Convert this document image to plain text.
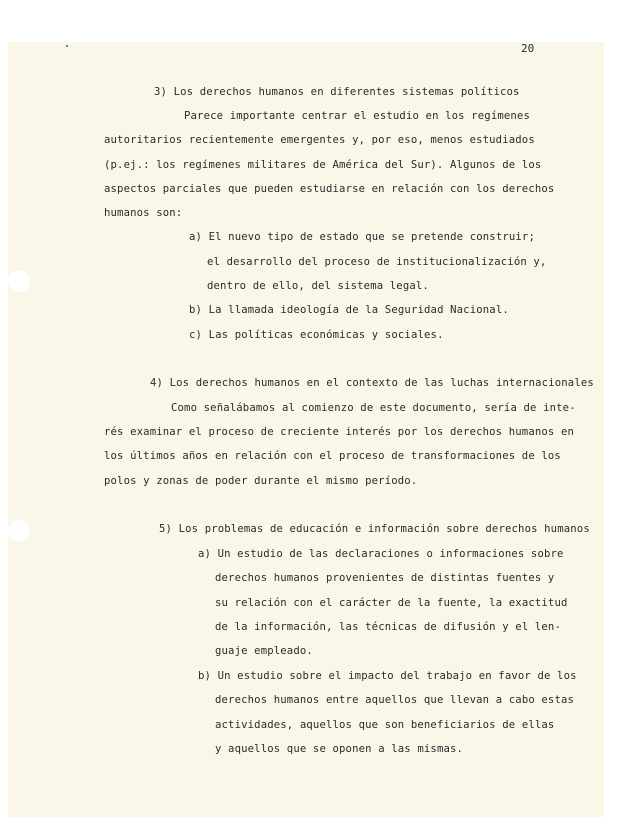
20
3) Los derechos humanos en diferentes sistemas políticos
Parece importante centrar el estudio en los regímenes
autoritarios recientemente emergentes y, por eso, menos estudiados
(p.ej.: los regímenes militares de América del Sur). Algunos de los
aspectos parciales que pueden estudiarse en relación con los derechos
humanos son:
a) El nuevo tipo de estado que se pretende construir;
el desarrollo del proceso de institucionalización y,
dentro de ello, del sistema legal.
b) La llamada ideología de la Seguridad Nacional.
c) Las políticas económicas y sociales.
4) Los derechos humanos en el contexto de las luchas internacionales
Como señalábamos al comienzo de este documento, sería de inte-
rés examinar el proceso de creciente interés por los derechos humanos en
los últimos años en relación con el proceso de transformaciones de los
polos y zonas de poder durante el mismo período.
5) Los problemas de educación e información sobre derechos humanos
a) Un estudio de las declaraciones o informaciones sobre
derechos humanos provenientes de distintas fuentes y
su relación con el carácter de la fuente, la exactitud
de la información, las técnicas de difusión y el len-
guaje empleado.
b) Un estudio sobre el impacto del trabajo en favor de los
derechos humanos entre aquellos que llevan a cabo estas
actividades, aquellos que son beneficiarios de ellas
y aquellos que se oponen a las mismas.
